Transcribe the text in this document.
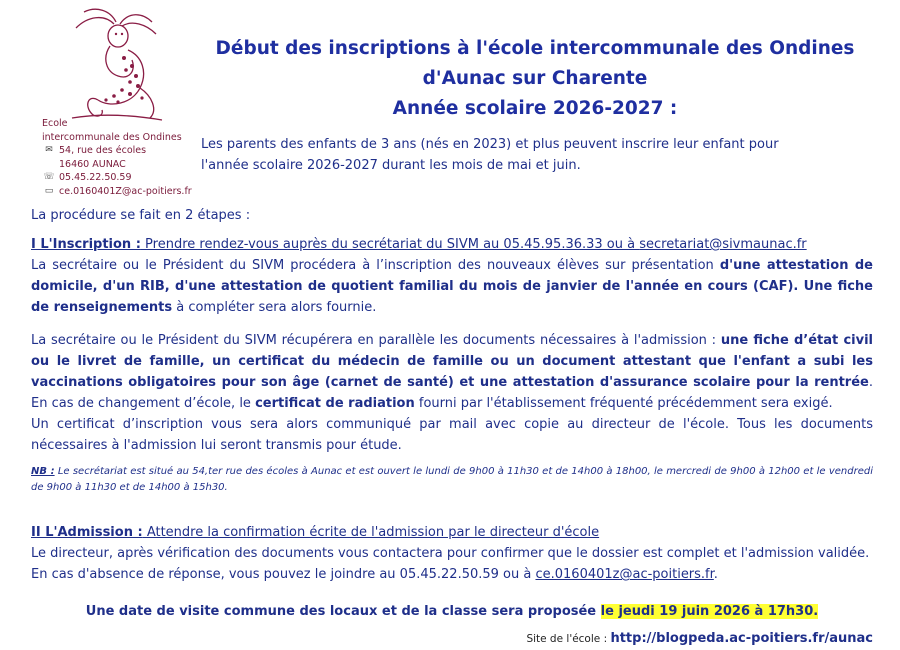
Ecole
intercommunale des Ondines
✉ 54, rue des écoles
16460 AUNAC
☏ 05.45.22.50.59
▭ ce.0160401Z@ac-poitiers.fr
Début des inscriptions à l'école intercommunale des Ondines
d'Aunac sur Charente
Année scolaire 2026-2027 :
Les parents des enfants de 3 ans (nés en 2023) et plus peuvent inscrire leur enfant pour
l'année scolaire 2026-2027 durant les mois de mai et juin.

La procédure se fait en 2 étapes :

I L'Inscription : Prendre rendez-vous auprès du secrétariat du SIVM au 05.45.95.36.33 ou à secretariat@sivmaunac.fr

La secrétaire ou le Président du SIVM procédera à l’inscription des nouveaux élèves sur présentation d'une attestation de domicile, d'un RIB, d'une attestation de quotient familial du mois de janvier de l'année en cours (CAF). Une fiche de renseignements à compléter sera alors fournie.

La secrétaire ou le Président du SIVM récupérera en parallèle les documents nécessaires à l'admission : une fiche d’état civil ou le livret de famille, un certificat du médecin de famille ou un document attestant que l'enfant a subi les vaccinations obligatoires pour son âge (carnet de santé) et une attestation d'assurance scolaire pour la rentrée. En cas de changement d’école, le certificat de radiation fourni par l'établissement fréquenté précédemment sera exigé.

Un certificat d’inscription vous sera alors communiqué par mail avec copie au directeur de l'école. Tous les documents nécessaires à l'admission lui seront transmis pour étude.

NB : Le secrétariat est situé au 54,ter rue des écoles à Aunac et est ouvert le lundi de 9h00 à 11h30 et de 14h00 à 18h00, le mercredi de 9h00 à 12h00 et le vendredi de 9h00 à 11h30 et de 14h00 à 15h30.

II L'Admission : Attendre la confirmation écrite de l'admission par le directeur d'école

Le directeur, après vérification des documents vous contactera pour confirmer que le dossier est complet et l'admission validée.

En cas d'absence de réponse, vous pouvez le joindre au 05.45.22.50.59 ou à ce.0160401z@ac-poitiers.fr.

Une date de visite commune des locaux et de la classe sera proposée le jeudi 19 juin 2026 à 17h30.

Site de l'école : http://blogpeda.ac-poitiers.fr/aunac
